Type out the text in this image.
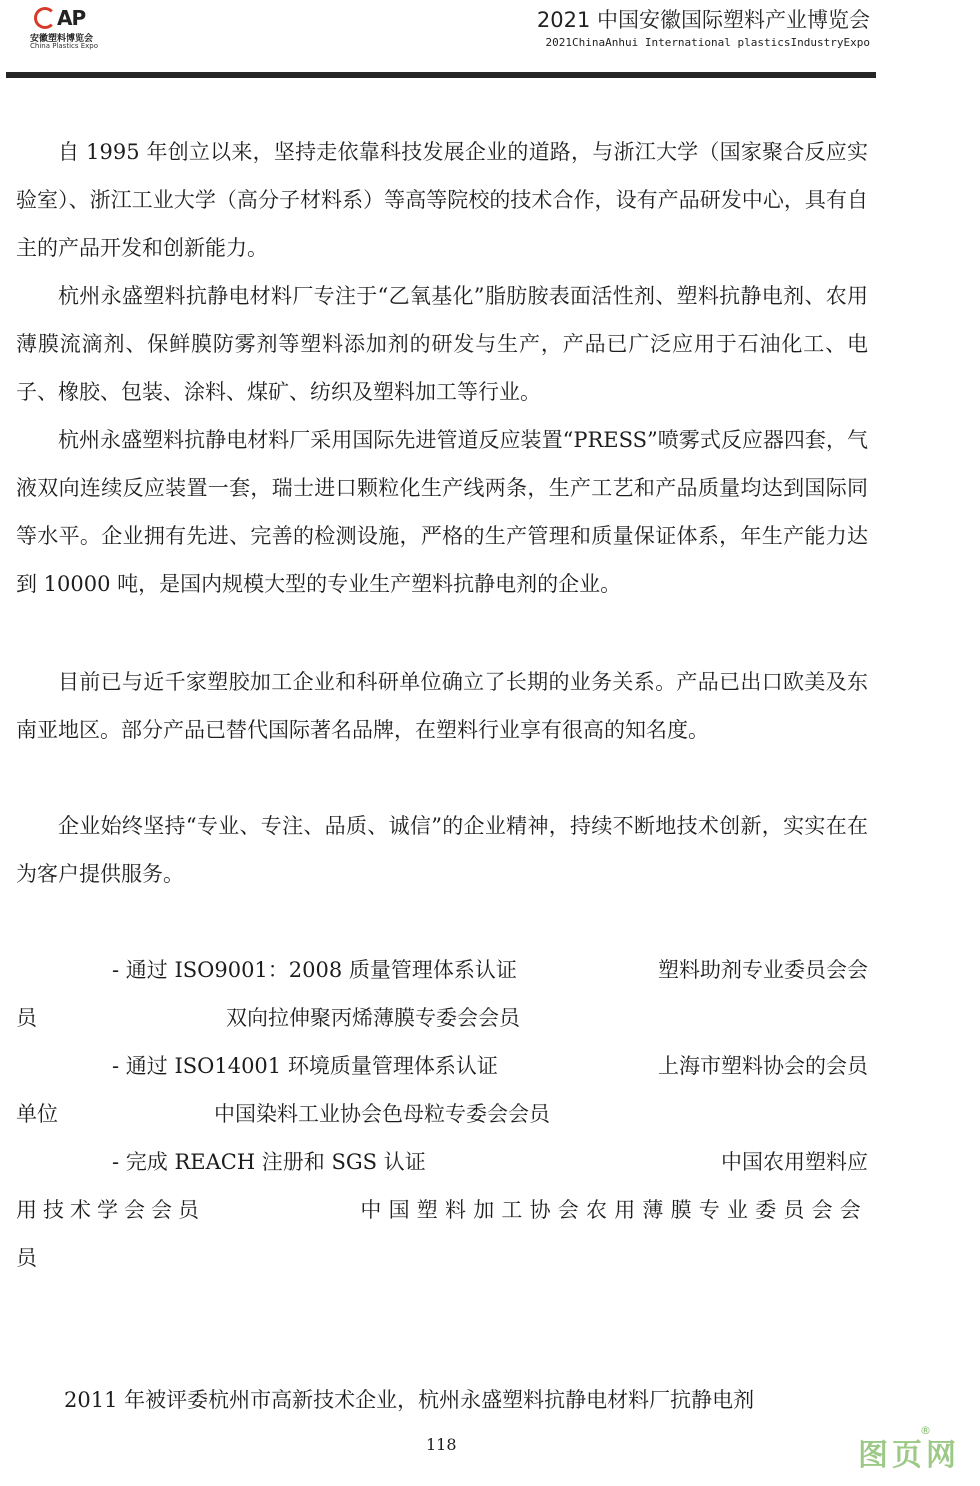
AP
安徽塑料博览会
China Plastics Expo
2021 中国安徽国际塑料产业博览会
2021ChinaAnhui International plasticsIndustryExpo

自 1995 年创立以来，坚持走依靠科技发展企业的道路，与浙江大学（国家聚合反应实验室）、浙江工业大学（高分子材料系）等高等院校的技术合作，设有产品研发中心，具有自主的产品开发和创新能力。

杭州永盛塑料抗静电材料厂专注于“乙氧基化”脂肪胺表面活性剂、塑料抗静电剂、农用薄膜流滴剂、保鲜膜防雾剂等塑料添加剂的研发与生产，产品已广泛应用于石油化工、电子、橡胶、包装、涂料、煤矿、纺织及塑料加工等行业。

杭州永盛塑料抗静电材料厂采用国际先进管道反应装置“PRESS”喷雾式反应器四套，气液双向连续反应装置一套，瑞士进口颗粒化生产线两条，生产工艺和产品质量均达到国际同等水平。企业拥有先进、完善的检测设施，严格的生产管理和质量保证体系，年生产能力达到 10000 吨，是国内规模大型的专业生产塑料抗静电剂的企业。

目前已与近千家塑胶加工企业和科研单位确立了长期的业务关系。产品已出口欧美及东南亚地区。部分产品已替代国际著名品牌，在塑料行业享有很高的知名度。

企业始终坚持“专业、专注、品质、诚信”的企业精神，持续不断地技术创新，实实在在为客户提供服务。

- 通过 ISO9001：2008 质量管理体系认证	塑料助剂专业委员会会
员	双向拉伸聚丙烯薄膜专委会会员
- 通过 ISO14001 环境质量管理体系认证	上海市塑料协会的会员
单位	中国染料工业协会色母粒专委会会员
- 完成 REACH 注册和 SGS 认证	中国农用塑料应
用技术学会会员	中国塑料加工协会农用薄膜专业委员会会
员
2011 年被评委杭州市高新技术企业，杭州永盛塑料抗静电材料厂抗静电剂
118	图页网
®
